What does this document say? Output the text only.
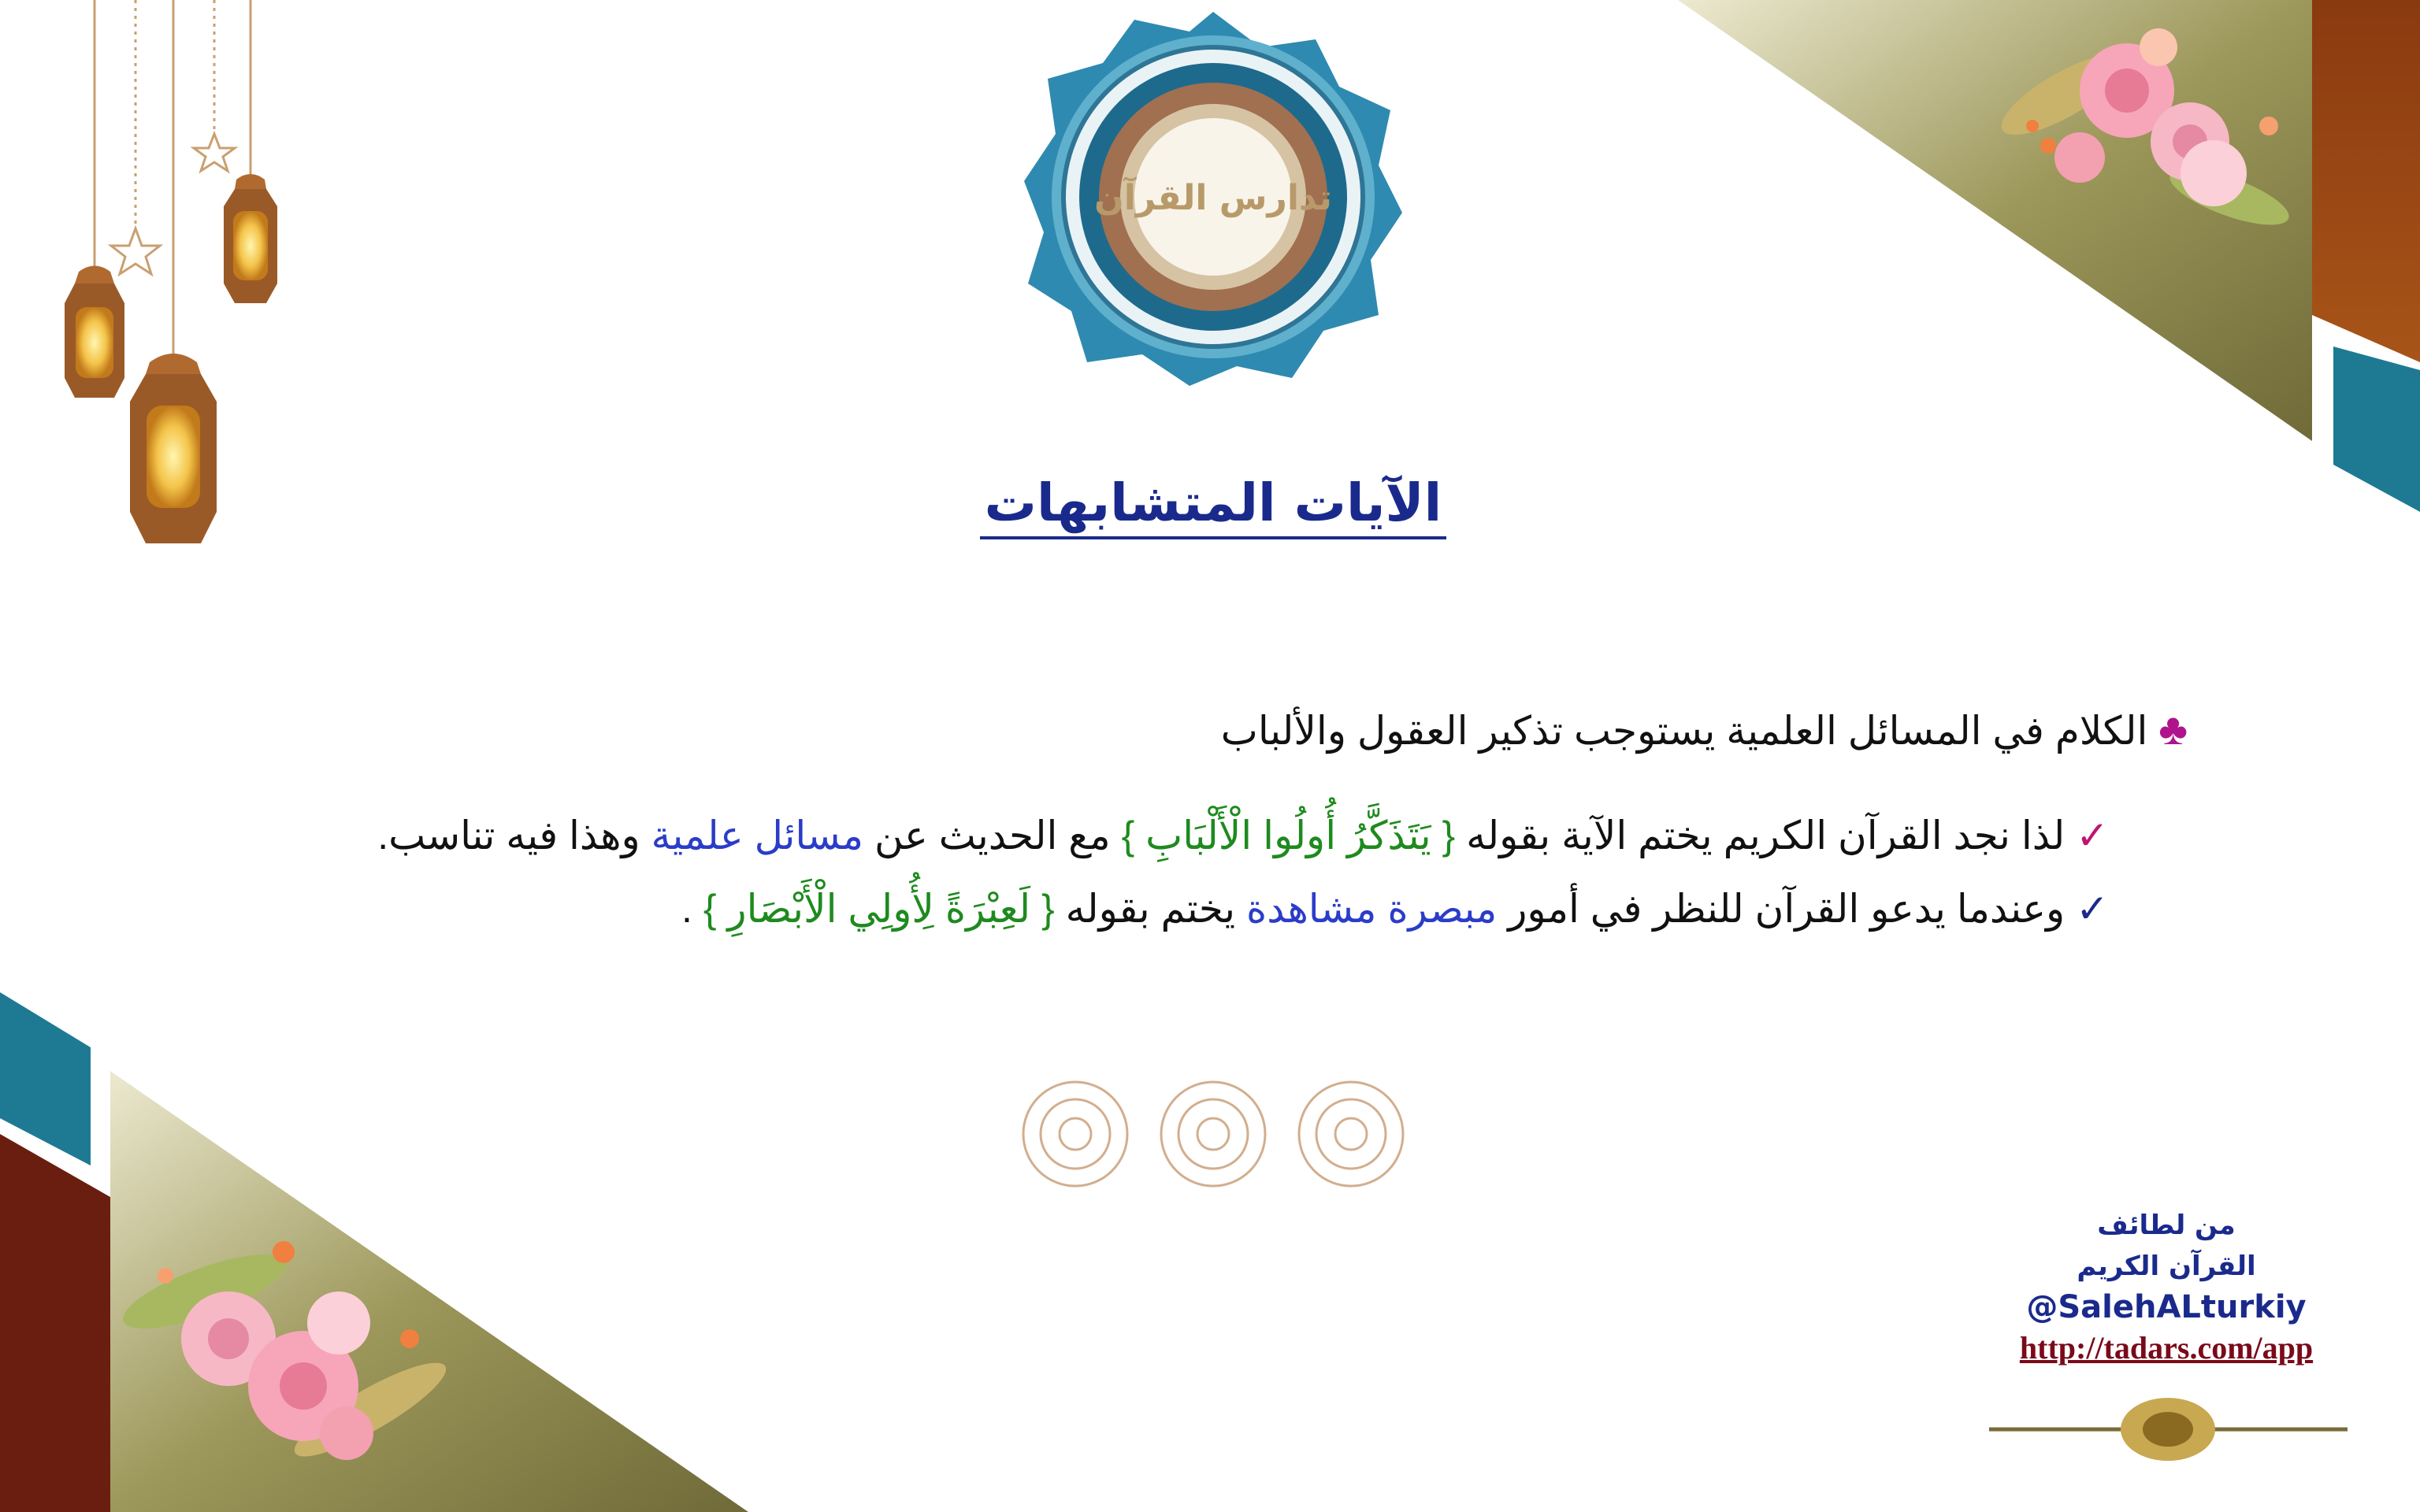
تدارس القرآن
الآيات المتشابهات
♣ الكلام في المسائل العلمية يستوجب تذكير العقول والألباب
✓ لذا نجد القرآن الكريم يختم الآية بقوله { يَتَذَكَّرُ أُولُوا الْأَلْبَابِ } مع الحديث عن مسائل علمية وهذا فيه تناسب.
✓ وعندما يدعو القرآن للنظر في أمور مبصرة مشاهدة يختم بقوله { لَعِبْرَةً لِأُولِي الْأَبْصَارِ } .
من لطائف
القرآن الكريم
@SalehALturkiy
http://tadars.com/app
